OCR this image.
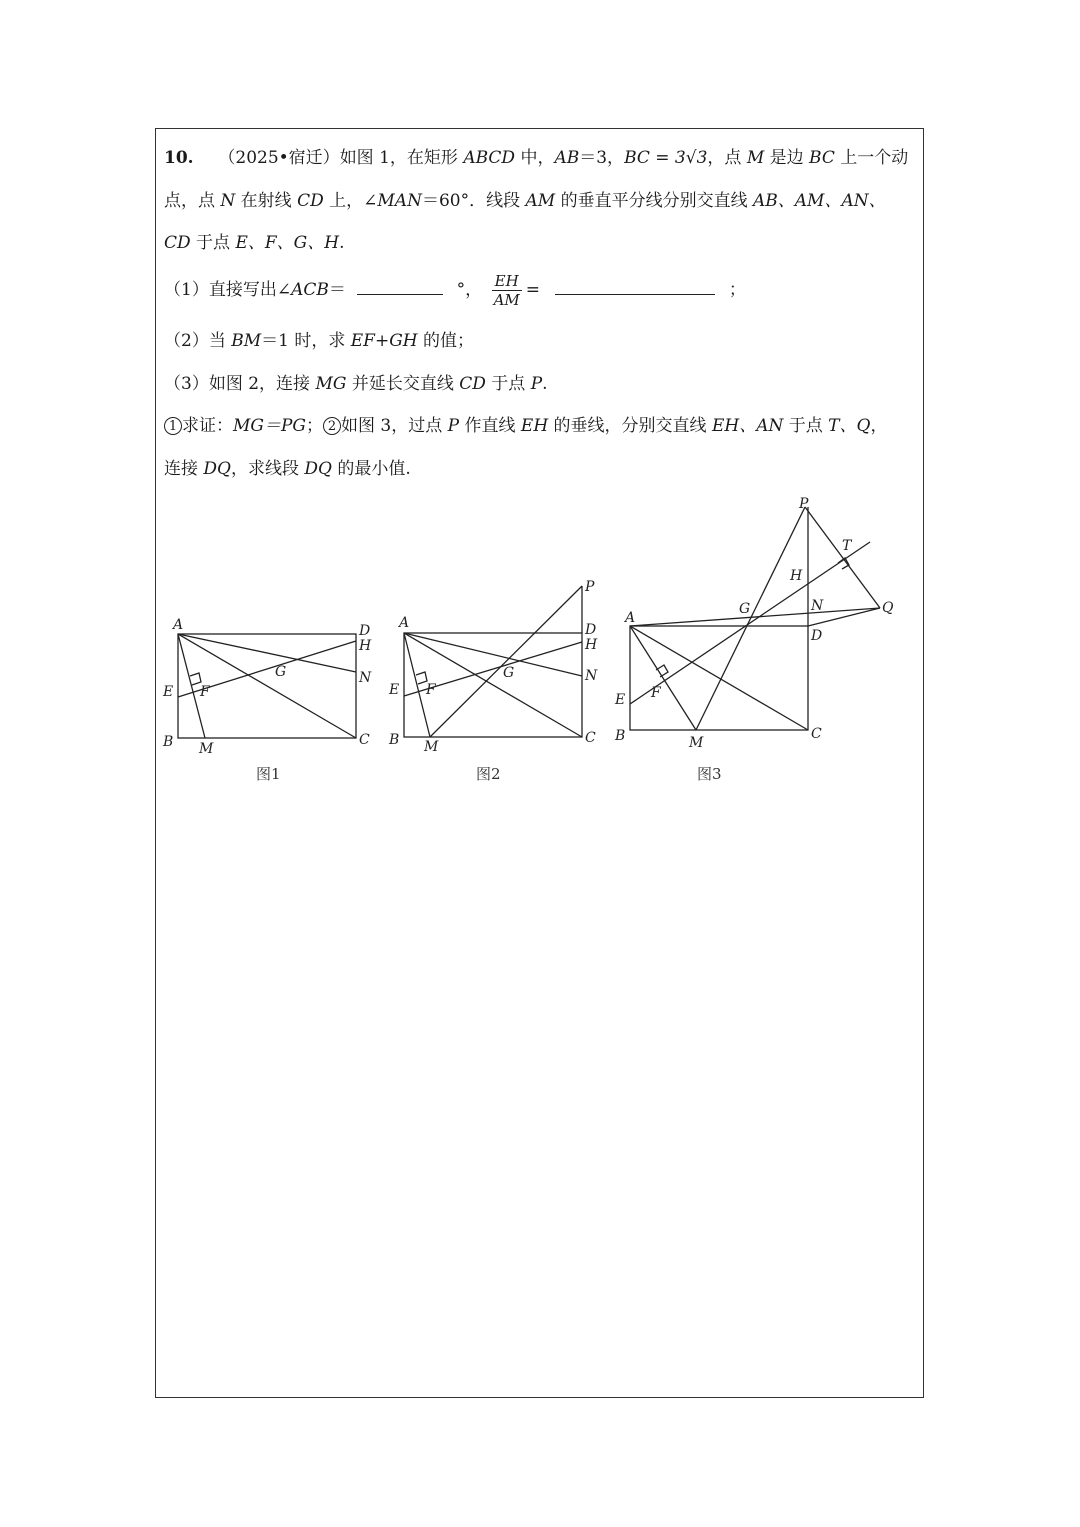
10. （2025•宿迁）如图 1，在矩形 ABCD 中，AB＝3，BC = 3√3，点 M 是边 BC 上一个动
点，点 N 在射线 CD 上，∠MAN＝60°．线段 AM 的垂直平分线分别交直线 AB、AM、AN、
CD 于点 E、F、G、H.
（1）直接写出∠ACB＝	°， $\frac{EH}{AM}$ =	；
（2）当 BM＝1 时，求 EF+GH 的值；
（3）如图 2，连接 MG 并延长交直线 CD 于点 P.
1 求证：MG＝PG； 2 如图 3，过点 P 作直线 EH 的垂线，分别交直线 EH、AN 于点 T、Q，
连接 DQ，求线段 DQ 的最小值.
A
B	C
D
E F
G
H
M
N
图1
A
B	C
D
E F
G
H
M
N
P
图2
A
B	C
D
E F
G
H
M
N
P
T
Q
图3
